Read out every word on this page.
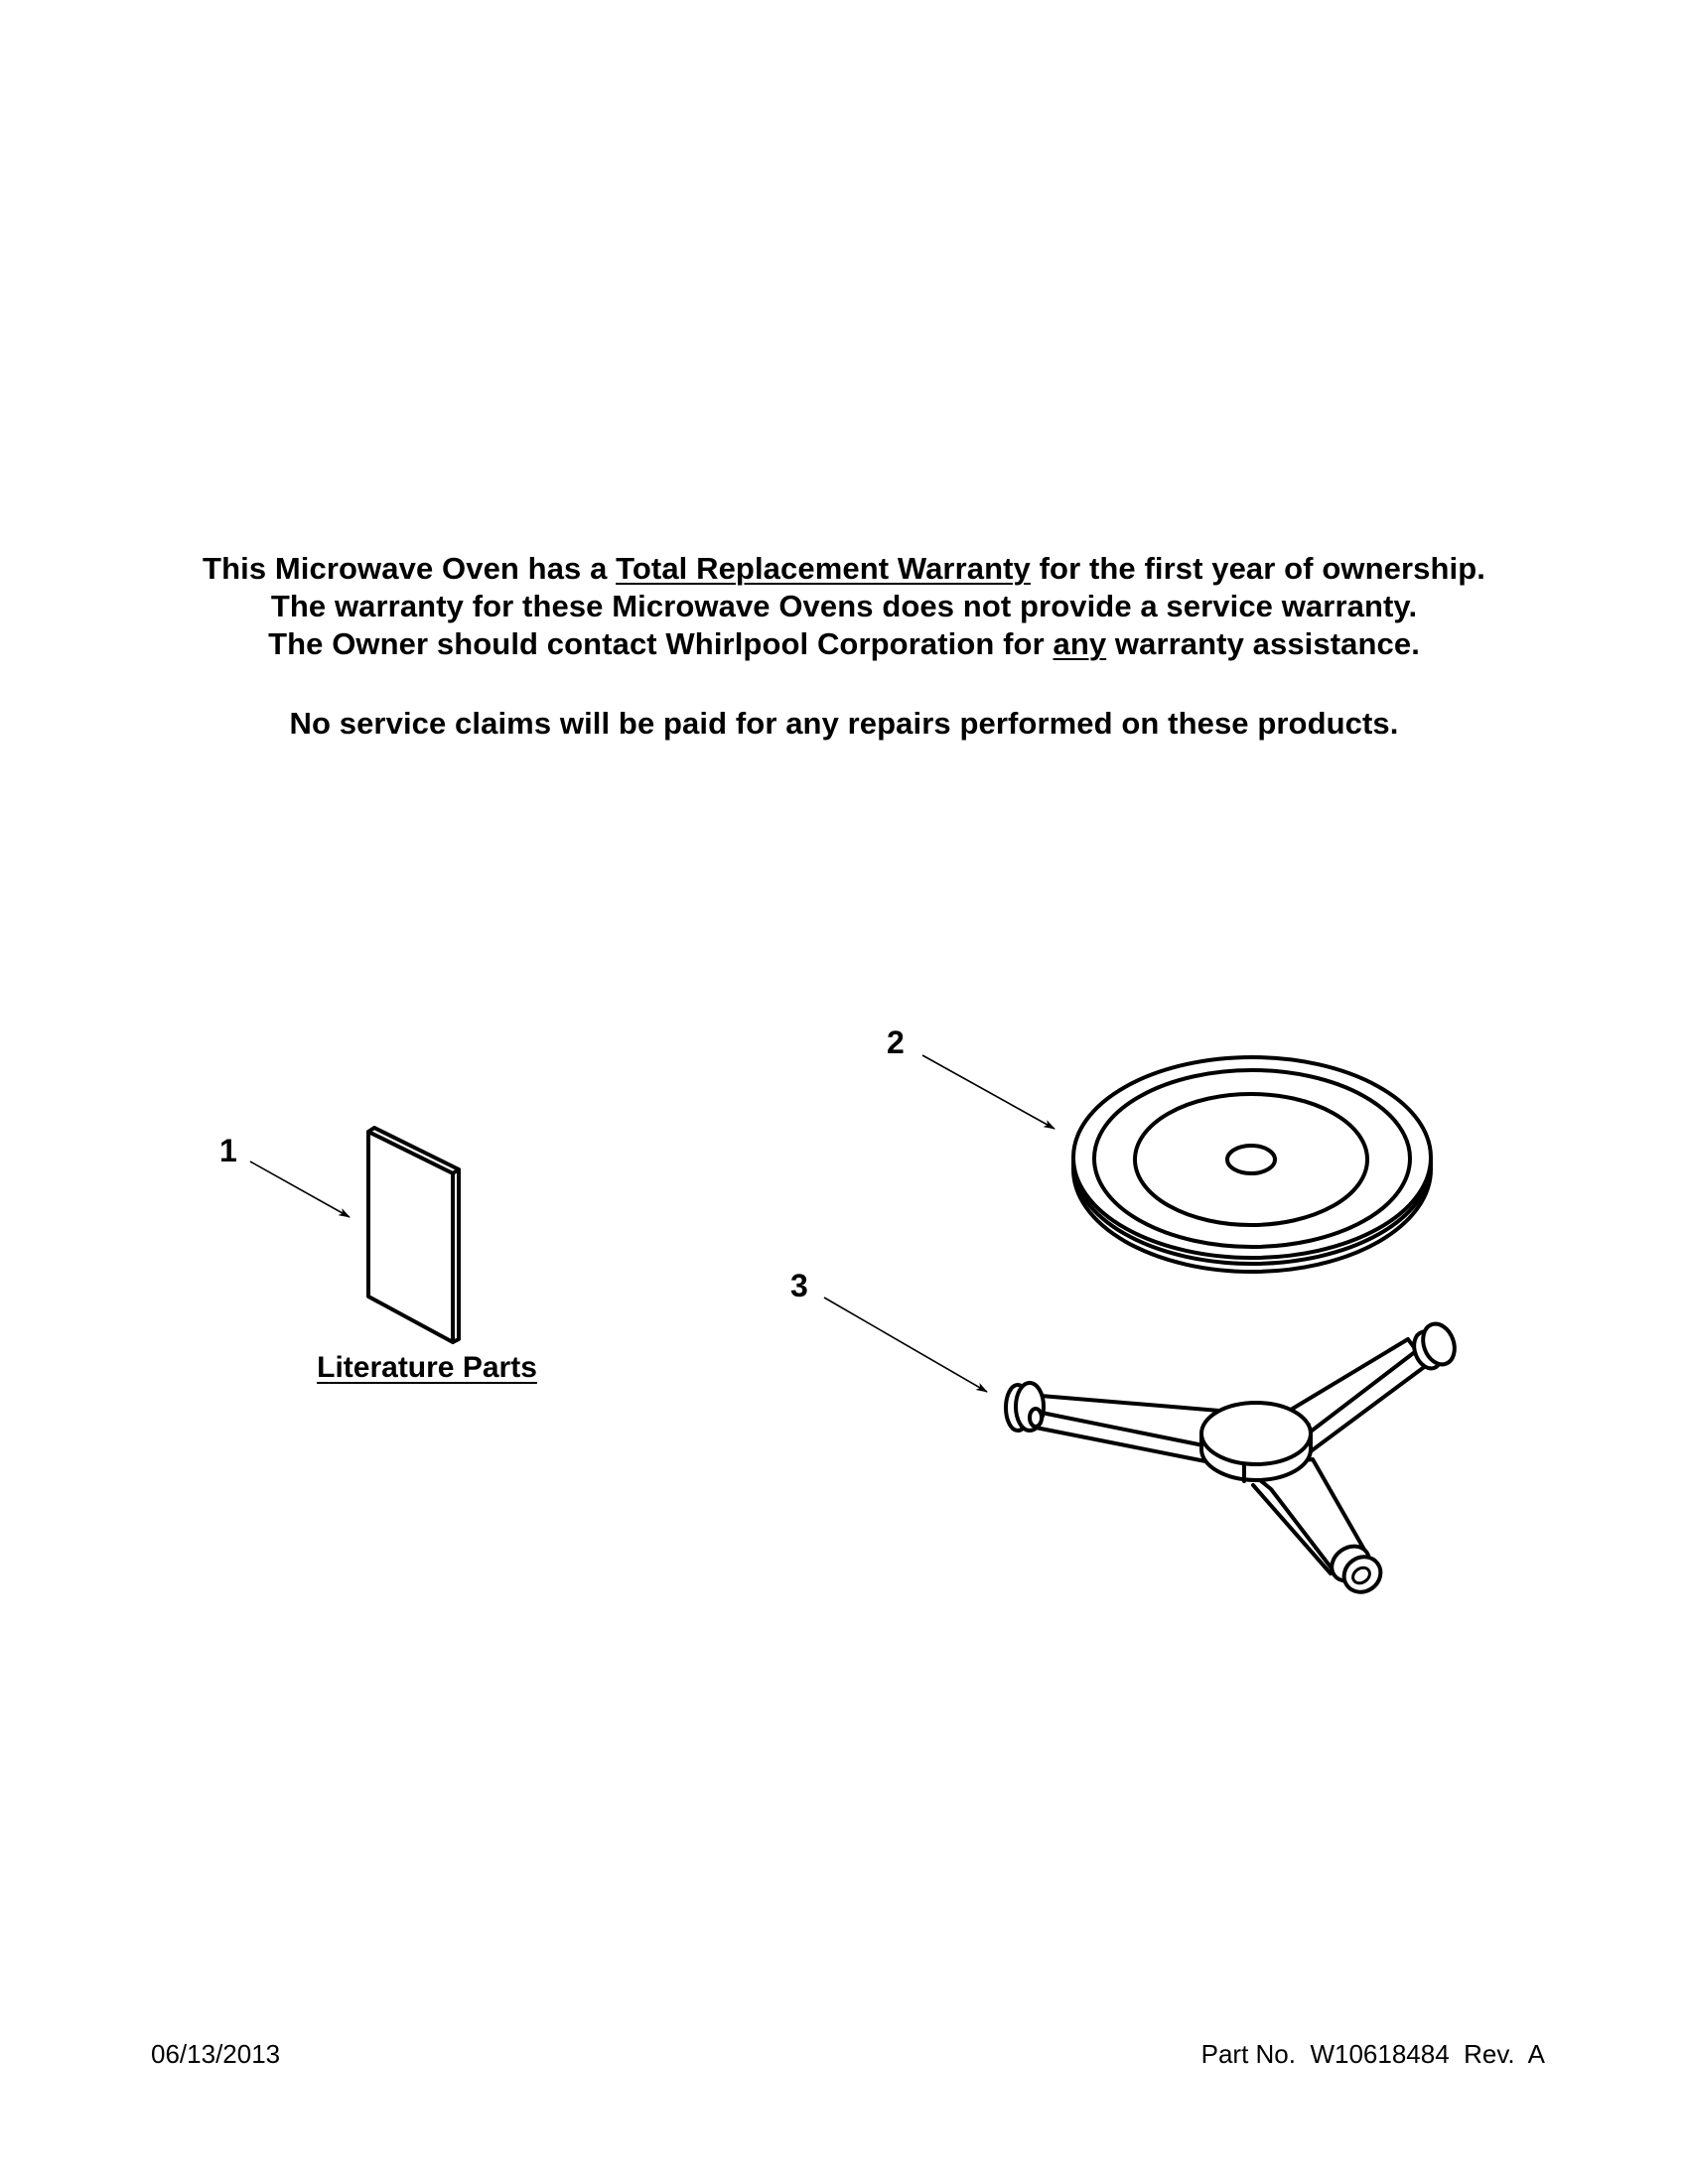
This Microwave Oven has a Total Replacement Warranty for the first year of ownership.
The warranty for these Microwave Ovens does not provide a service warranty.
The Owner should contact Whirlpool Corporation for any warranty assistance.
No service claims will be paid for any repairs performed on these products.
1
2
3
Literature Parts
06/13/2013	Part No.  W10618484  Rev.  A
